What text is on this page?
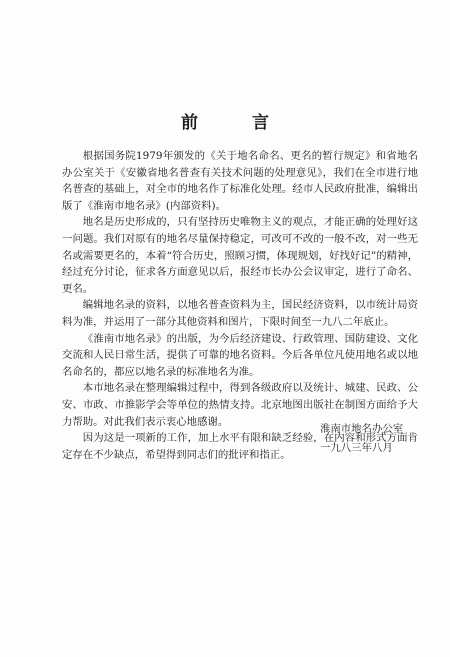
前 言

根据国务院1979年颁发的《关于地名命名、更名的暂行规定》和省地名办公室关于《安徽省地名普查有关技术问题的处理意见》，我们在全市进行地名普查的基础上，对全市的地名作了标准化处理。经市人民政府批准，编辑出版了《淮南市地名录》(内部资料)。

地名是历史形成的，只有坚持历史唯物主义的观点，才能正确的处理好这一问题。我们对原有的地名尽量保持稳定，可改可不改的一般不改，对一些无名或需要更名的，本着“符合历史，照顾习惯，体现规划，好找好记”的精神，经过充分讨论，征求各方面意见以后，报经市长办公会议审定，进行了命名、更名。

编辑地名录的资料，以地名普查资料为主，国民经济资料，以市统计局资料为准，并运用了一部分其他资料和图片，下限时间至一九八二年底止。

《淮南市地名录》的出版，为今后经济建设、行政管理、国防建设、文化交流和人民日常生活，提供了可靠的地名资料。今后各单位凡使用地名或以地名命名的，都应以地名录的标准地名为准。

本市地名录在整理编辑过程中，得到各级政府以及统计、城建、民政、公安、市政、市推影学会等单位的热情支持。北京地图出版社在制图方面给予大力帮助。对此我们表示衷心地感谢。

因为这是一项新的工作，加上水平有限和缺乏经验，在内容和形式方面肯定存在不少缺点，希望得到同志们的批评和指正。

淮南市地名办公室
一九八三年八月
